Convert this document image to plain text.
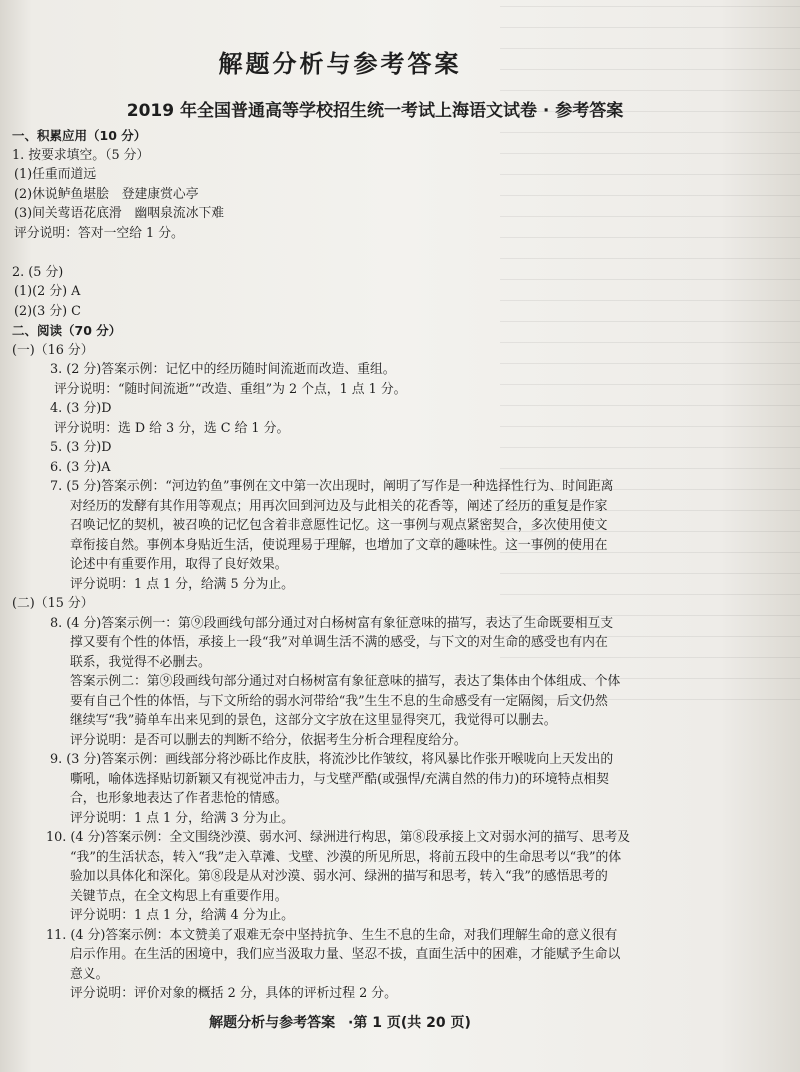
解题分析与参考答案
2019 年全国普通高等学校招生统一考试上海语文试卷 · 参考答案
一、积累应用（10 分）
1. 按要求填空。（5 分）
(1)任重而道远
(2)休说鲈鱼堪脍　登建康赏心亭
(3)间关莺语花底滑　幽咽泉流冰下难
评分说明：答对一空给 1 分。

2. (5 分)
(1)(2 分) A
(2)(3 分) C
二、阅读（70 分）
(一)（16 分）
3. (2 分)答案示例：记忆中的经历随时间流逝而改造、重组。
评分说明：“随时间流逝”“改造、重组”为 2 个点，1 点 1 分。
4. (3 分)D
评分说明：选 D 给 3 分，选 C 给 1 分。
5. (3 分)D
6. (3 分)A
7. (5 分)答案示例：“河边钓鱼”事例在文中第一次出现时，阐明了写作是一种选择性行为、时间距离
对经历的发酵有其作用等观点；用再次回到河边及与此相关的花香等，阐述了经历的重复是作家
召唤记忆的契机，被召唤的记忆包含着非意愿性记忆。这一事例与观点紧密契合，多次使用使文
章衔接自然。事例本身贴近生活，使说理易于理解，也增加了文章的趣味性。这一事例的使用在
论述中有重要作用，取得了良好效果。
评分说明：1 点 1 分，给满 5 分为止。
(二)（15 分）
8. (4 分)答案示例一：第⑨段画线句部分通过对白杨树富有象征意味的描写，表达了生命既要相互支
撑又要有个性的体悟，承接上一段“我”对单调生活不满的感受，与下文的对生命的感受也有内在
联系，我觉得不必删去。
答案示例二：第⑨段画线句部分通过对白杨树富有象征意味的描写，表达了集体由个体组成、个体
要有自己个性的体悟，与下文所给的弱水河带给“我”生生不息的生命感受有一定隔阂，后文仍然
继续写“我”骑单车出来见到的景色，这部分文字放在这里显得突兀，我觉得可以删去。
评分说明：是否可以删去的判断不给分，依据考生分析合理程度给分。
9. (3 分)答案示例：画线部分将沙砾比作皮肤，将流沙比作皱纹，将风暴比作张开喉咙向上天发出的
嘶吼，喻体选择贴切新颖又有视觉冲击力，与戈壁严酷(或强悍/充满自然的伟力)的环境特点相契
合，也形象地表达了作者悲怆的情感。
评分说明：1 点 1 分，给满 3 分为止。
10. (4 分)答案示例：全文围绕沙漠、弱水河、绿洲进行构思，第⑧段承接上文对弱水河的描写、思考及
“我”的生活状态，转入“我”走入草滩、戈壁、沙漠的所见所思，将前五段中的生命思考以“我”的体
验加以具体化和深化。第⑧段是从对沙漠、弱水河、绿洲的描写和思考，转入“我”的感悟思考的
关键节点，在全文构思上有重要作用。
评分说明：1 点 1 分，给满 4 分为止。
11. (4 分)答案示例：本文赞美了艰难无奈中坚持抗争、生生不息的生命，对我们理解生命的意义很有
启示作用。在生活的困境中，我们应当汲取力量、坚忍不拔，直面生活中的困难，才能赋予生命以
意义。
评分说明：评价对象的概括 2 分，具体的评析过程 2 分。
解题分析与参考答案 ·第 1 页(共 20 页)
